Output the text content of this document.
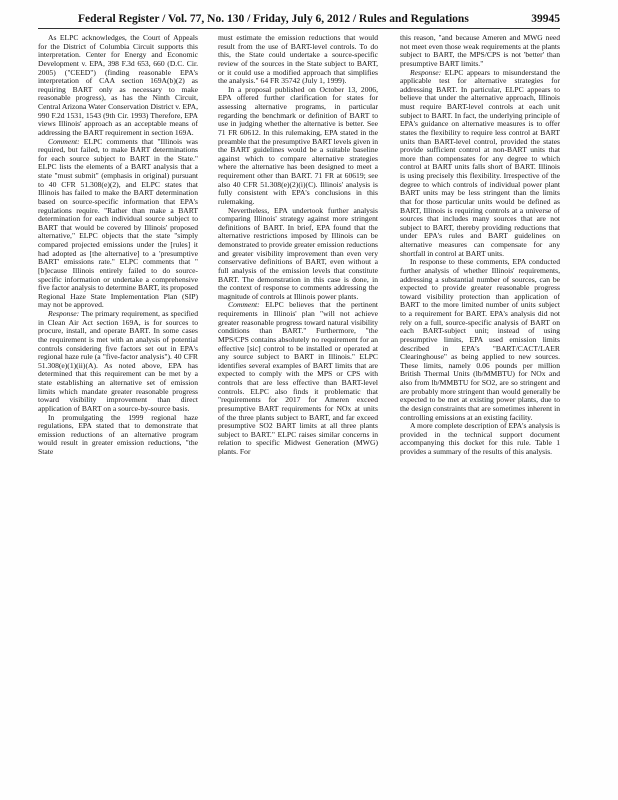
Federal Register / Vol. 77, No. 130 / Friday, July 6, 2012 / Rules and Regulations	39945

As ELPC acknowledges, the Court of Appeals for the District of Columbia Circuit supports this interpretation. Center for Energy and Economic Development v. EPA, 398 F.3d 653, 660 (D.C. Cir. 2005) ("CEED") (finding reasonable EPA's interpretation of CAA section 169A(b)(2) as requiring BART only as necessary to make reasonable progress), as has the Ninth Circuit, Central Arizona Water Conservation District v. EPA, 990 F.2d 1531, 1543 (9th Cir. 1993) Therefore, EPA views Illinois' approach as an acceptable means of addressing the BART requirement in section 169A.

Comment: ELPC comments that "Illinois was required, but failed, to make BART determinations for each source subject to BART in the State." ELPC lists the elements of a BART analysis that a state "must submit" (emphasis in original) pursuant to 40 CFR 51.308(e)(2), and ELPC states that Illinois has failed to make the BART determination based on source-specific information that EPA's regulations require. "Rather than make a BART determination for each individual source subject to BART that would be covered by Illinois' proposed alternative," ELPC objects that the state "simply compared projected emissions under the [rules] it had adopted as [the alternative] to a 'presumptive BART' emissions rate." ELPC comments that "[b]ecause Illinois entirely failed to do source-specific information or undertake a comprehensive five factor analysis to determine BART, its proposed Regional Haze State Implementation Plan (SIP) may not be approved.

Response: The primary requirement, as specified in Clean Air Act section 169A, is for sources to procure, install, and operate BART. In some cases the requirement is met with an analysis of potential controls considering five factors set out in EPA's regional haze rule (a "five-factor analysis"). 40 CFR 51.308(e)(1)(ii)(A). As noted above, EPA has determined that this requirement can be met by a state establishing an alternative set of emission limits which mandate greater reasonable progress toward visibility improvement than direct application of BART on a source-by-source basis.

In promulgating the 1999 regional haze regulations, EPA stated that to demonstrate that emission reductions of an alternative program would result in greater emission reductions, "the State

must estimate the emission reductions that would result from the use of BART-level controls. To do this, the State could undertake a source-specific review of the sources in the State subject to BART, or it could use a modified approach that simplifies the analysis." 64 FR 35742 (July 1, 1999).

In a proposal published on October 13, 2006, EPA offered further clarification for states for assessing alternative programs, in particular regarding the benchmark or definition of BART to use in judging whether the alternative is better. See 71 FR 60612. In this rulemaking, EPA stated in the preamble that the presumptive BART levels given in the BART guidelines would be a suitable baseline against which to compare alternative strategies where the alternative has been designed to meet a requirement other than BART. 71 FR at 60619; see also 40 CFR 51.308(e)(2)(i)(C). Illinois' analysis is fully consistent with EPA's conclusions in this rulemaking.

Nevertheless, EPA undertook further analysis comparing Illinois' strategy against more stringent definitions of BART. In brief, EPA found that the alternative restrictions imposed by Illinois can be demonstrated to provide greater emission reductions and greater visibility improvement than even very conservative definitions of BART, even without a full analysis of the emission levels that constitute BART. The demonstration in this case is done, in the context of response to comments addressing the magnitude of controls at Illinois power plants.

Comment: ELPC believes that the pertinent requirements in Illinois' plan "will not achieve greater reasonable progress toward natural visibility conditions than BART." Furthermore, "the MPS/CPS contains absolutely no requirement for an effective [sic] control to be installed or operated at any source subject to BART in Illinois." ELPC identifies several examples of BART limits that are expected to comply with the MPS or CPS with controls that are less effective than BART-level controls. ELPC also finds it problematic that "requirements for 2017 for Ameren exceed presumptive BART requirements for NOx at units of the three plants subject to BART, and far exceed presumptive SO2 BART limits at all three plants subject to BART." ELPC raises similar concerns in relation to specific Midwest Generation (MWG) plants. For

this reason, "and because Ameren and MWG need not meet even those weak requirements at the plants subject to BART, the MPS/CPS is not 'better' than presumptive BART limits."

Response: ELPC appears to misunderstand the applicable test for alternative strategies for addressing BART. In particular, ELPC appears to believe that under the alternative approach, Illinois must require BART-level controls at each unit subject to BART. In fact, the underlying principle of EPA's guidance on alternative measures is to offer states the flexibility to require less control at BART units than BART-level control, provided the states provide sufficient control at non-BART units that more than compensates for any degree to which control at BART units falls short of BART. Illinois is using precisely this flexibility. Irrespective of the degree to which controls of individual power plant BART units may be less stringent than the limits that for those particular units would be defined as BART, Illinois is requiring controls at a universe of sources that includes many sources that are not subject to BART, thereby providing reductions that under EPA's rules and BART guidelines on alternative measures can compensate for any shortfall in control at BART units.

In response to these comments, EPA conducted further analysis of whether Illinois' requirements, addressing a substantial number of sources, can be expected to provide greater reasonable progress toward visibility protection than application of BART to the more limited number of units subject to a requirement for BART. EPA's analysis did not rely on a full, source-specific analysis of BART on each BART-subject unit; instead of using presumptive limits, EPA used emission limits described in EPA's "BART/CACT/LAER Clearinghouse" as being applied to new sources. These limits, namely 0.06 pounds per million British Thermal Units (lb/MMBTU) for NOx and also from lb/MMBTU for SO2, are so stringent and are probably more stringent than would generally be expected to be met at existing power plants, due to the design constraints that are sometimes inherent in controlling emissions at an existing facility.

A more complete description of EPA's analysis is provided in the technical support document accompanying this docket for this rule. Table 1 provides a summary of the results of this analysis.
